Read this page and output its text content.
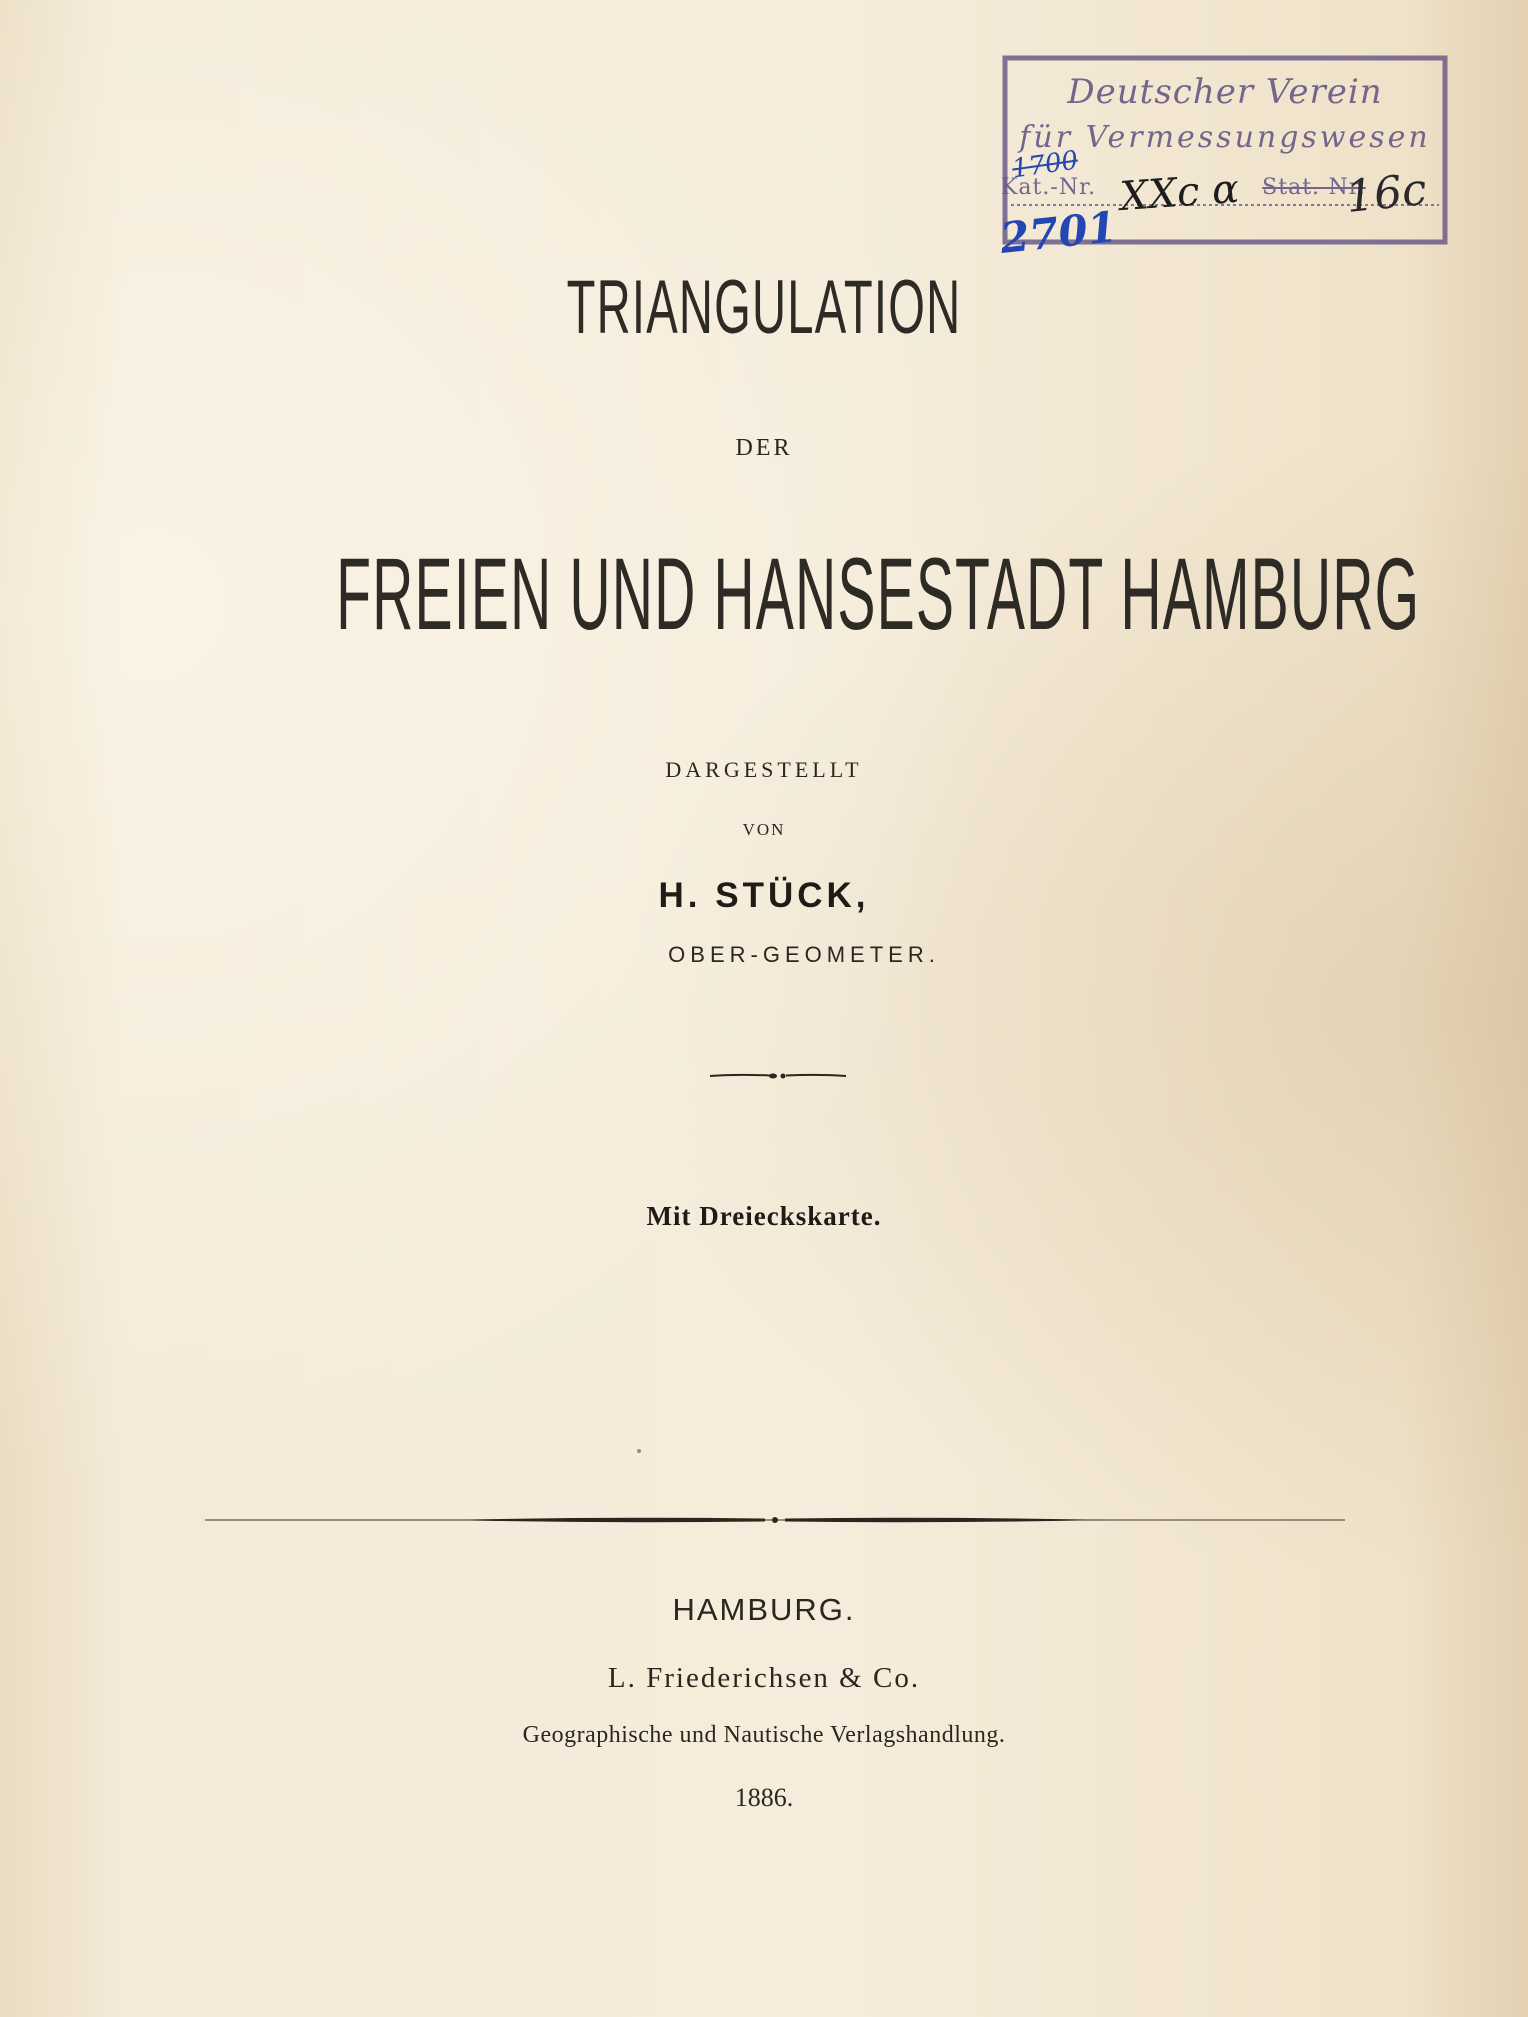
TRIANGULATION
DER
FREIEN UND HANSESTADT HAMBURG
DARGESTELLT
VON
H. STÜCK,
OBER-GEOMETER.
Mit Dreieckskarte.
HAMBURG.
L. Friederichsen & Co.
Geographische und Nautische Verlagshandlung.
1886.
Deutscher Verein
für Vermessungswesen
Kat.-Nr.	Stat.-Nr.
1700
XXc α 16c
2701
